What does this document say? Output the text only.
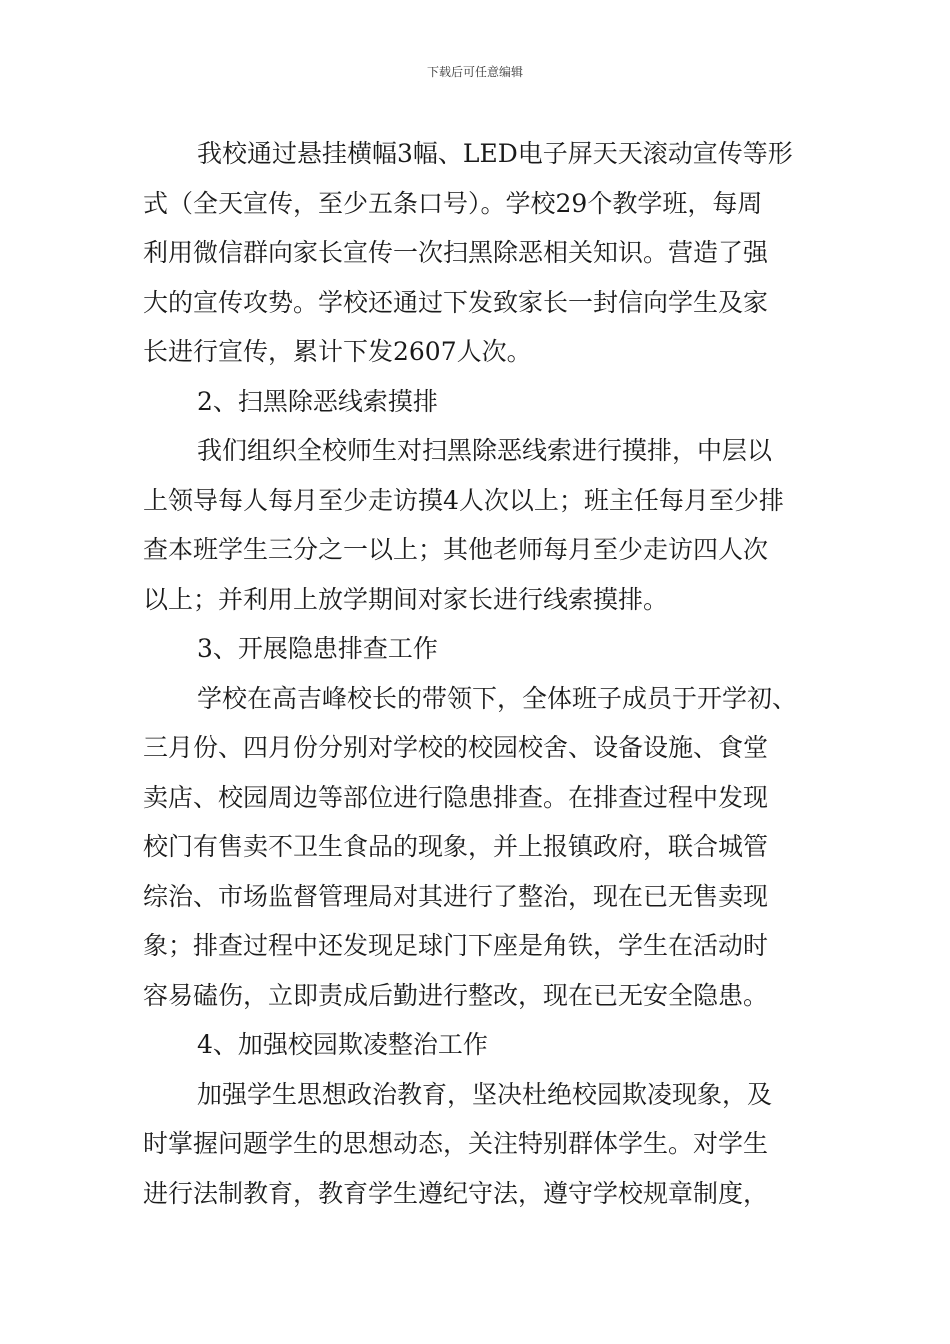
下载后可任意编辑
我校通过悬挂横幅3幅、LED电子屏天天滚动宣传等形
式（全天宣传，至少五条口号）。学校29个教学班，每周
利用微信群向家长宣传一次扫黑除恶相关知识。营造了强
大的宣传攻势。学校还通过下发致家长一封信向学生及家
长进行宣传，累计下发2607人次。
2、扫黑除恶线索摸排
我们组织全校师生对扫黑除恶线索进行摸排，中层以
上领导每人每月至少走访摸4人次以上；班主任每月至少排
查本班学生三分之一以上；其他老师每月至少走访四人次
以上；并利用上放学期间对家长进行线索摸排。
3、开展隐患排查工作
学校在高吉峰校长的带领下，全体班子成员于开学初、
三月份、四月份分别对学校的校园校舍、设备设施、食堂
卖店、校园周边等部位进行隐患排查。在排查过程中发现
校门有售卖不卫生食品的现象，并上报镇政府，联合城管
综治、市场监督管理局对其进行了整治，现在已无售卖现
象；排查过程中还发现足球门下座是角铁，学生在活动时
容易磕伤，立即责成后勤进行整改，现在已无安全隐患。
4、加强校园欺凌整治工作
加强学生思想政治教育，坚决杜绝校园欺凌现象，及
时掌握问题学生的思想动态，关注特别群体学生。对学生
进行法制教育，教育学生遵纪守法，遵守学校规章制度，
